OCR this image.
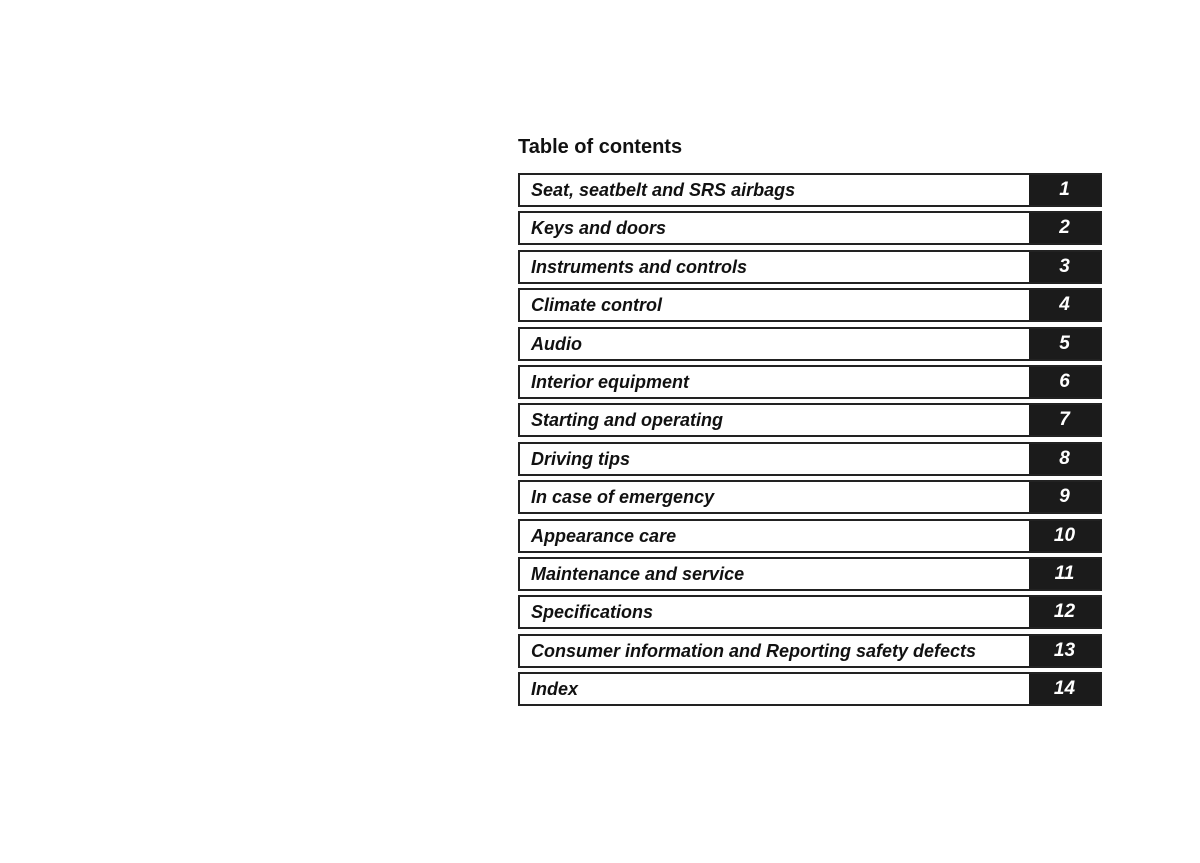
Table of contents
Seat, seatbelt and SRS airbags	1
Keys and doors	2
Instruments and controls	3
Climate control	4
Audio	5
Interior equipment	6
Starting and operating	7
Driving tips	8
In case of emergency	9
Appearance care	10
Maintenance and service	11
Specifications	12
Consumer information and Reporting safety defects	13
Index	14
